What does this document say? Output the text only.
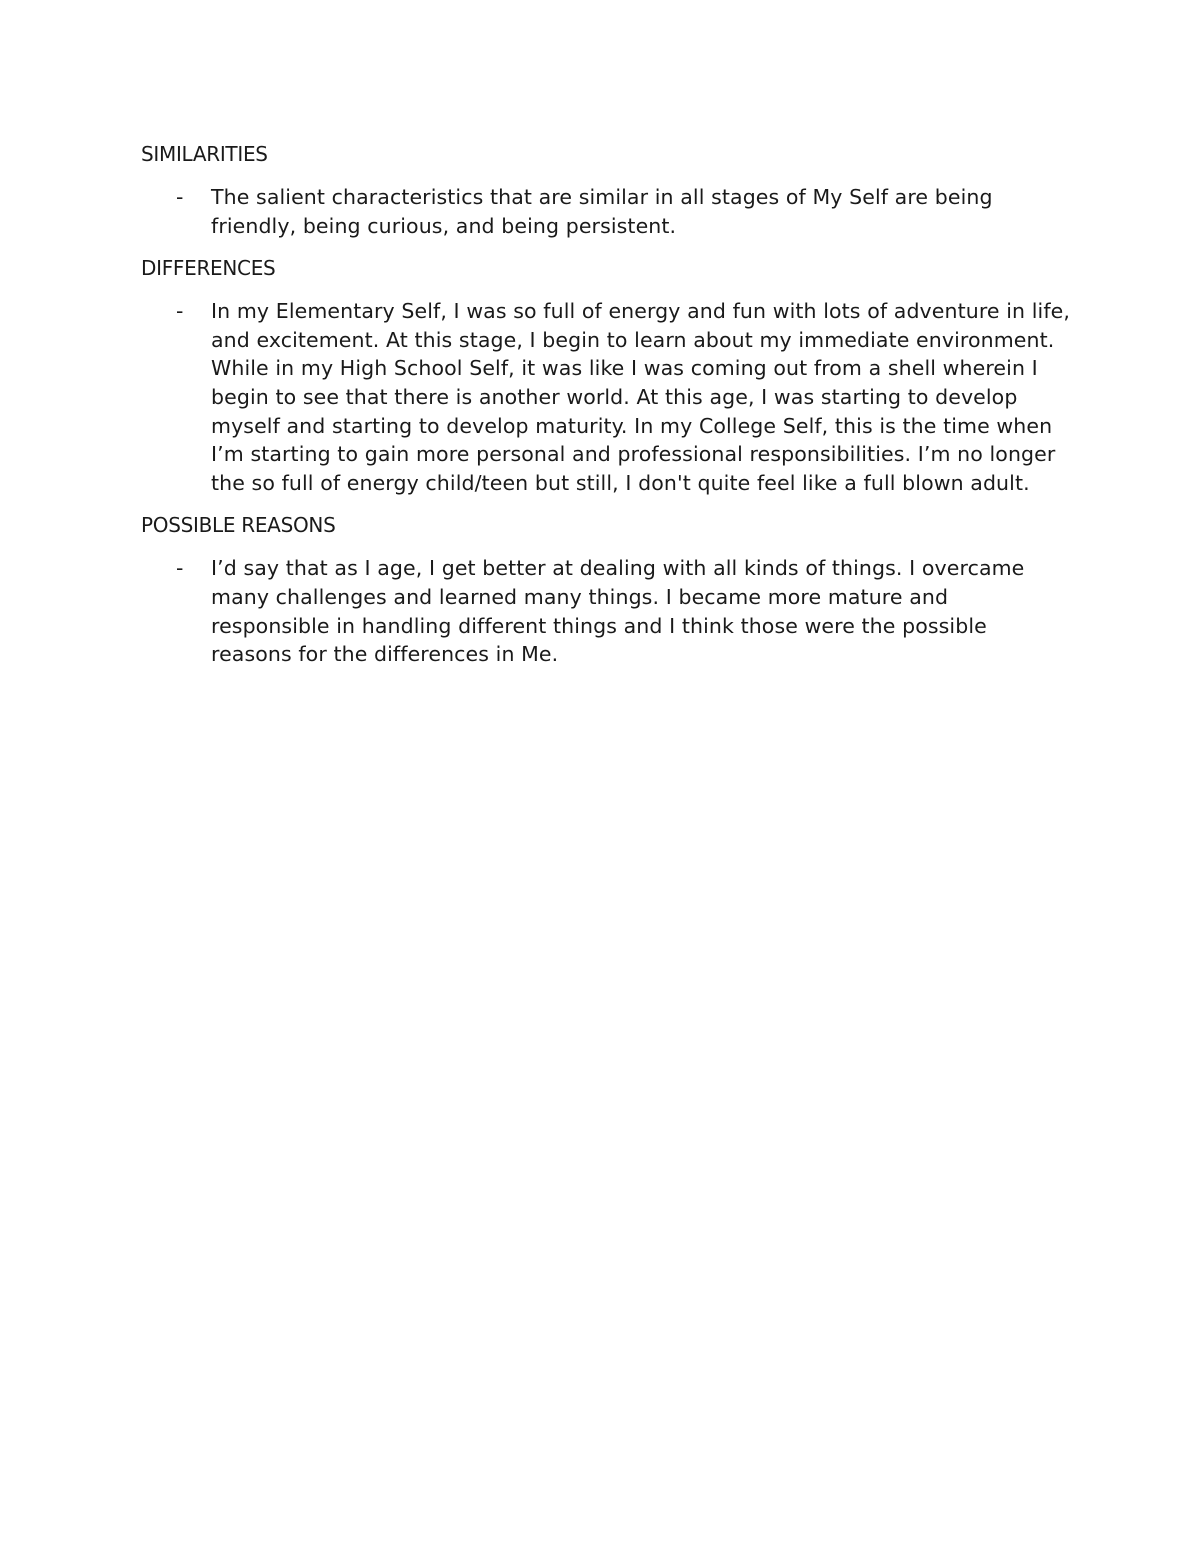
SIMILARITIES
- The salient characteristics that are similar in all stages of My Self are being friendly, being curious, and being persistent.
DIFFERENCES
- In my Elementary Self, I was so full of energy and fun with lots of adventure in life, and excitement. At this stage, I begin to learn about my immediate environment. While in my High School Self, it was like I was coming out from a shell wherein I begin to see that there is another world. At this age, I was starting to develop myself and starting to develop maturity. In my College Self, this is the time when I’m starting to gain more personal and professional responsibilities. I’m no longer the so full of energy child/teen but still, I don't quite feel like a full blown adult.
POSSIBLE REASONS
- I’d say that as I age, I get better at dealing with all kinds of things. I overcame many challenges and learned many things. I became more mature and responsible in handling different things and I think those were the possible reasons for the differences in Me.
